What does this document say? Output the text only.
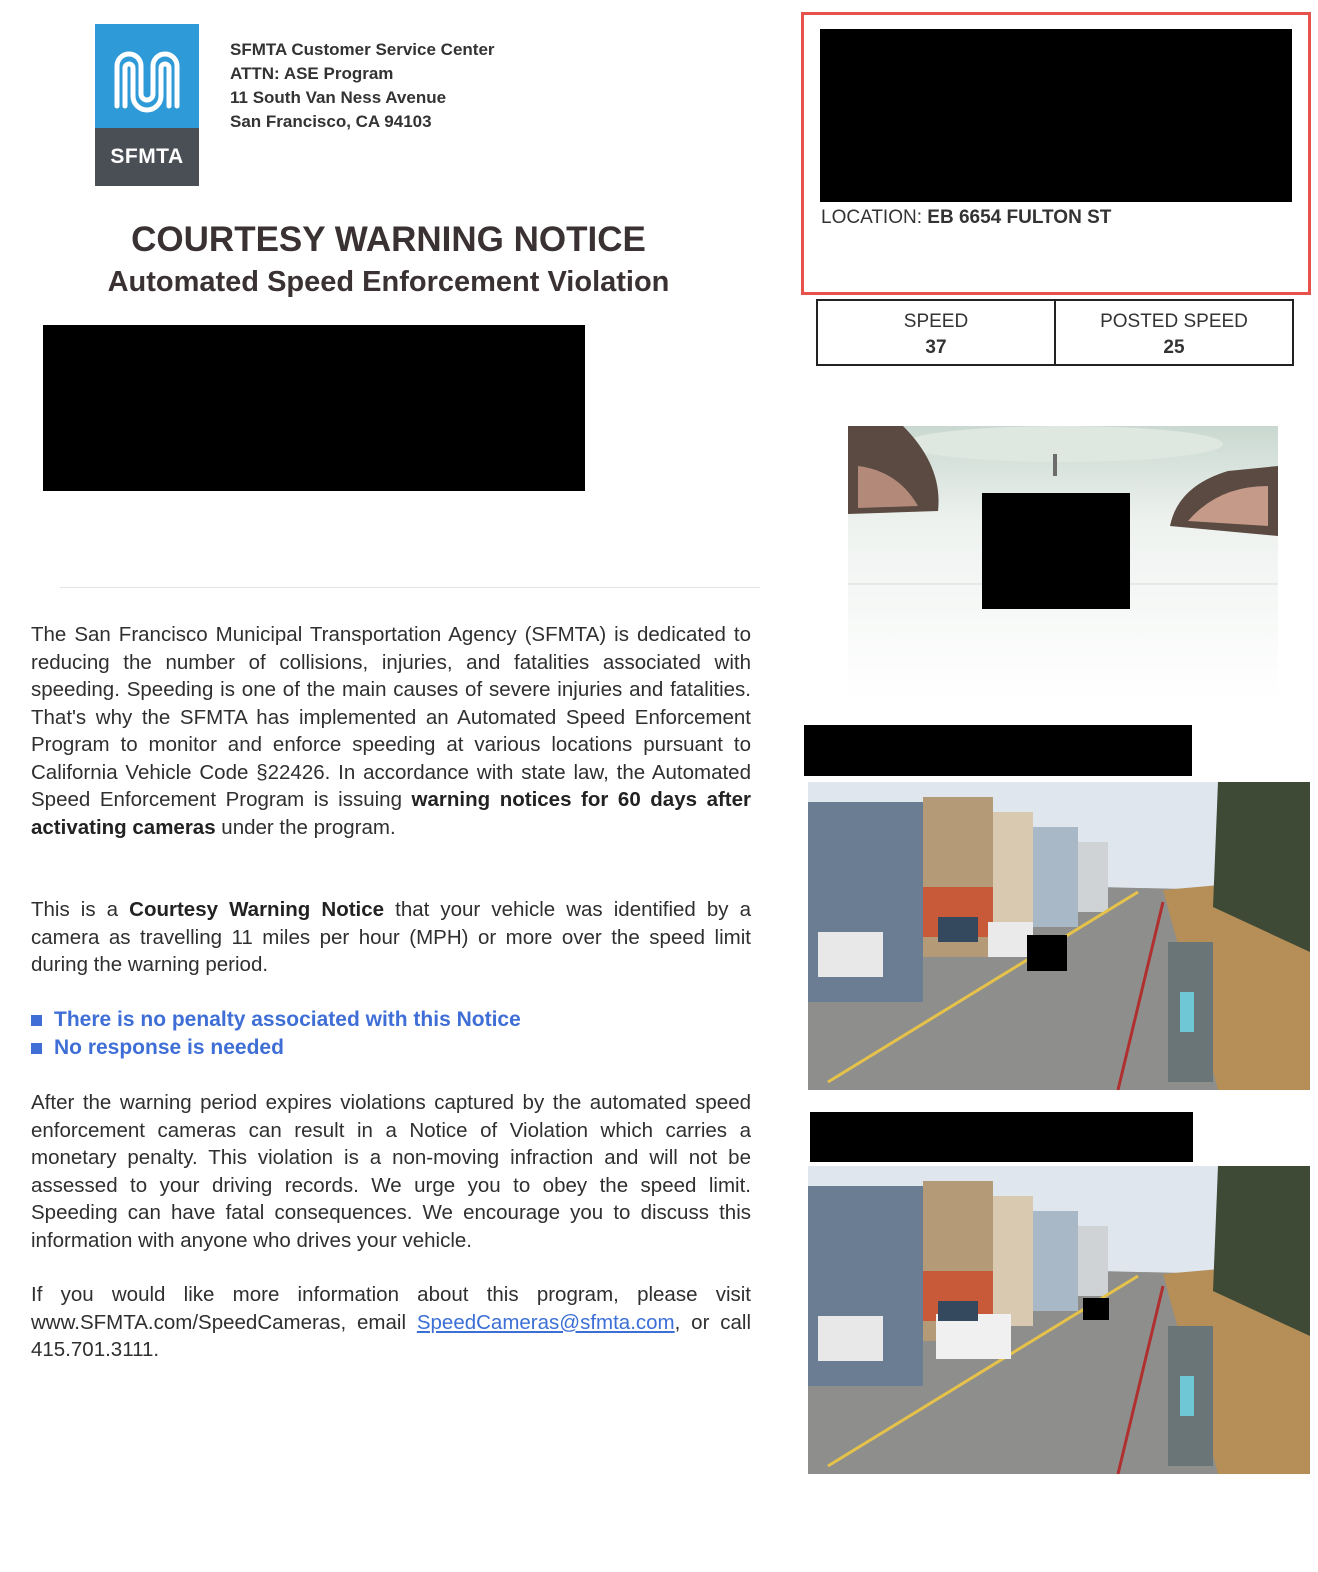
SFMTA
SFMTA Customer Service Center
ATTN: ASE Program
11 South Van Ness Avenue
San Francisco, CA 94103
COURTESY WARNING NOTICE
Automated Speed Enforcement Violation
The San Francisco Municipal Transportation Agency (SFMTA) is dedicated to reducing the number of collisions, injuries, and fatalities associated with speeding. Speeding is one of the main causes of severe injuries and fatalities. That's why the SFMTA has implemented an Automated Speed Enforcement Program to monitor and enforce speeding at various locations pursuant to California Vehicle Code §22426. In accordance with state law, the Automated Speed Enforcement Program is issuing warning notices for 60 days after activating cameras under the program.
This is a Courtesy Warning Notice that your vehicle was identified by a camera as travelling 11 miles per hour (MPH) or more over the speed limit during the warning period.
There is no penalty associated with this Notice
No response is needed
After the warning period expires violations captured by the automated speed enforcement cameras can result in a Notice of Violation which carries a monetary penalty. This violation is a non-moving infraction and will not be assessed to your driving records. We urge you to obey the speed limit. Speeding can have fatal consequences. We encourage you to discuss this information with anyone who drives your vehicle.
If you would like more information about this program, please visit www.SFMTA.com/SpeedCameras, email SpeedCameras@sfmta.com, or call 415.701.3111.
LOCATION: EB 6654 FULTON ST
SPEED
37
POSTED SPEED
25
